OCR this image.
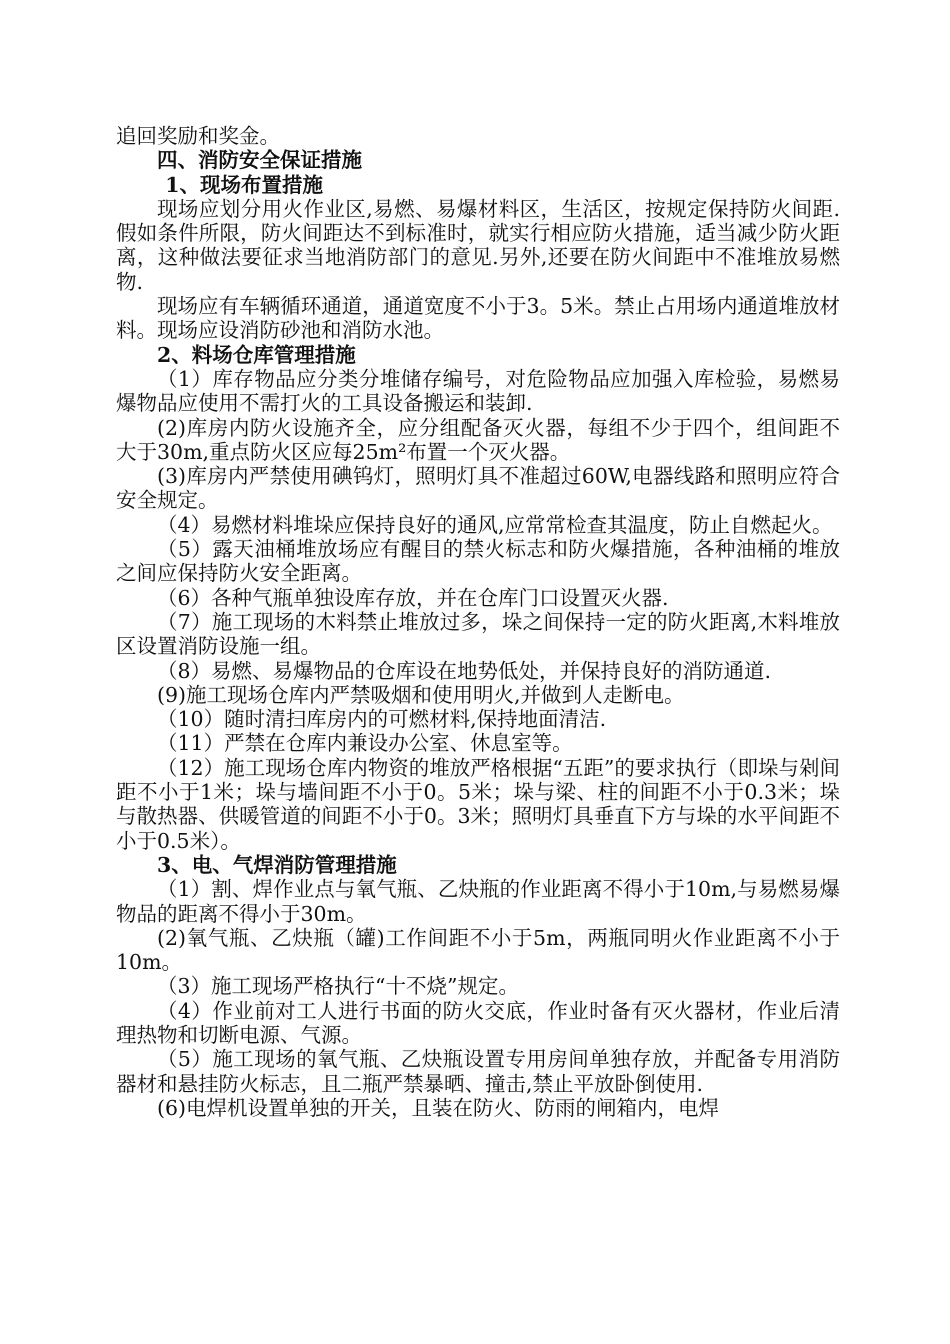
追回奖励和奖金。

四、消防安全保证措施

1、现场布置措施

现场应划分用火作业区,易燃、易爆材料区，生活区，按规定保持防火间距.假如条件所限，防火间距达不到标准时，就实行相应防火措施，适当减少防火距离，这种做法要征求当地消防部门的意见.另外,还要在防火间距中不准堆放易燃物.

现场应有车辆循环通道，通道宽度不小于3。5米。禁止占用场内通道堆放材料。现场应设消防砂池和消防水池。

2、料场仓库管理措施

（1）库存物品应分类分堆储存编号，对危险物品应加强入库检验，易燃易爆物品应使用不需打火的工具设备搬运和装卸.

(2)库房内防火设施齐全，应分组配备灭火器，每组不少于四个，组间距不大于30m,重点防火区应每25m²布置一个灭火器。

(3)库房内严禁使用碘钨灯，照明灯具不准超过60W,电器线路和照明应符合安全规定。

（4）易燃材料堆垛应保持良好的通风,应常常检查其温度，防止自燃起火。

（5）露天油桶堆放场应有醒目的禁火标志和防火爆措施，各种油桶的堆放之间应保持防火安全距离。

（6）各种气瓶单独设库存放，并在仓库门口设置灭火器.

（7）施工现场的木料禁止堆放过多，垛之间保持一定的防火距离,木料堆放区设置消防设施一组。

（8）易燃、易爆物品的仓库设在地势低处，并保持良好的消防通道.

(9)施工现场仓库内严禁吸烟和使用明火,并做到人走断电。

（10）随时清扫库房内的可燃材料,保持地面清洁.

（11）严禁在仓库内兼设办公室、休息室等。

（12）施工现场仓库内物资的堆放严格根据“五距”的要求执行（即垛与剁间距不小于1米；垛与墙间距不小于0。5米；垛与梁、柱的间距不小于0.3米；垛与散热器、供暖管道的间距不小于0。3米；照明灯具垂直下方与垛的水平间距不小于0.5米）。

3、电、气焊消防管理措施

（1）割、焊作业点与氧气瓶、乙炔瓶的作业距离不得小于10m,与易燃易爆物品的距离不得小于30m。

(2)氧气瓶、乙炔瓶（罐)工作间距不小于5m，两瓶同明火作业距离不小于10m。

（3）施工现场严格执行“十不烧”规定。

（4）作业前对工人进行书面的防火交底，作业时备有灭火器材，作业后清理热物和切断电源、气源。

（5）施工现场的氧气瓶、乙炔瓶设置专用房间单独存放，并配备专用消防器材和悬挂防火标志，且二瓶严禁暴晒、撞击,禁止平放卧倒使用.

(6)电焊机设置单独的开关，且装在防火、防雨的闸箱内，电焊
